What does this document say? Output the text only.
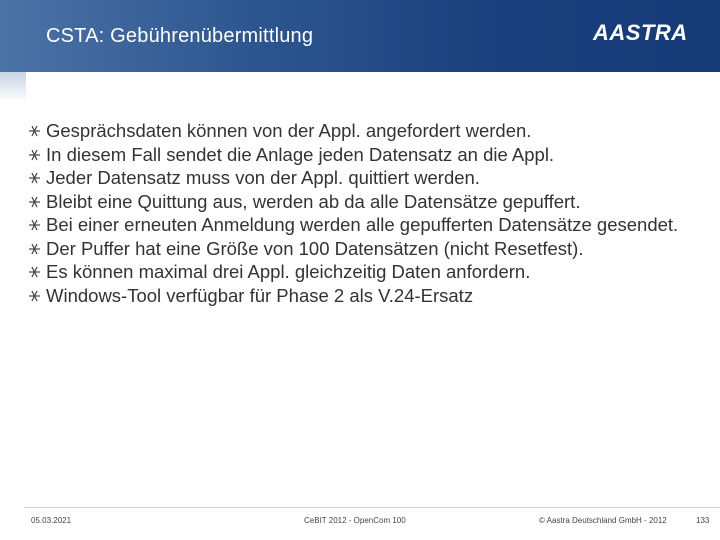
CSTA: Gebührenübermittlung	AASTRA
Gesprächsdaten können von der Appl. angefordert werden.
In diesem Fall sendet die Anlage jeden Datensatz an die Appl.
Jeder Datensatz muss von der Appl. quittiert werden.
Bleibt eine Quittung aus, werden ab da alle Datensätze gepuffert.
Bei einer erneuten Anmeldung werden alle gepufferten Datensätze gesendet.
Der Puffer hat eine Größe von 100 Datensätzen (nicht Resetfest).
Es können maximal drei Appl. gleichzeitig Daten anfordern.
Windows-Tool verfügbar für Phase 2 als V.24-Ersatz
05.03.2021	CeBIT 2012 - OpenCom 100	© Aastra Deutschland GmbH - 2012	133
